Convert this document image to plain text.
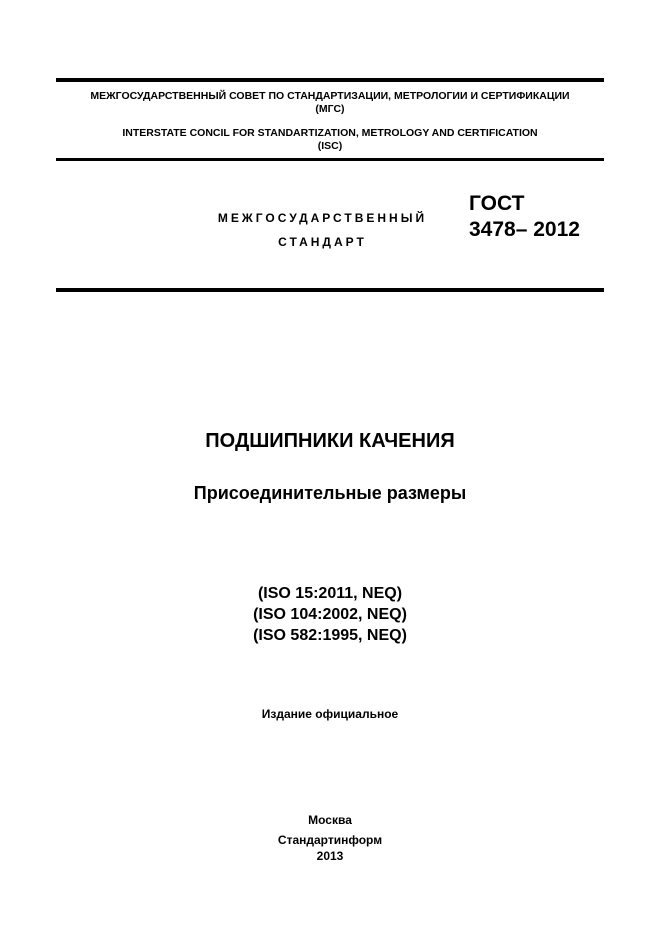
МЕЖГОСУДАРСТВЕННЫЙ СОВЕТ ПО СТАНДАРТИЗАЦИИ, МЕТРОЛОГИИ И СЕРТИФИКАЦИИ
(МГС)
INTERSTATE CONCIL FOR STANDARTIZATION, METROLOGY AND CERTIFICATION
(ISC)
МЕЖГОСУДАРСТВЕННЫЙ
СТАНДАРТ
ГОСТ
3478– 2012
ПОДШИПНИКИ КАЧЕНИЯ
Присоединительные размеры
(ISO 15:2011, NEQ)
(ISO 104:2002, NEQ)
(ISO 582:1995, NEQ)
Издание официальное
Москва
Стандартинформ
2013
